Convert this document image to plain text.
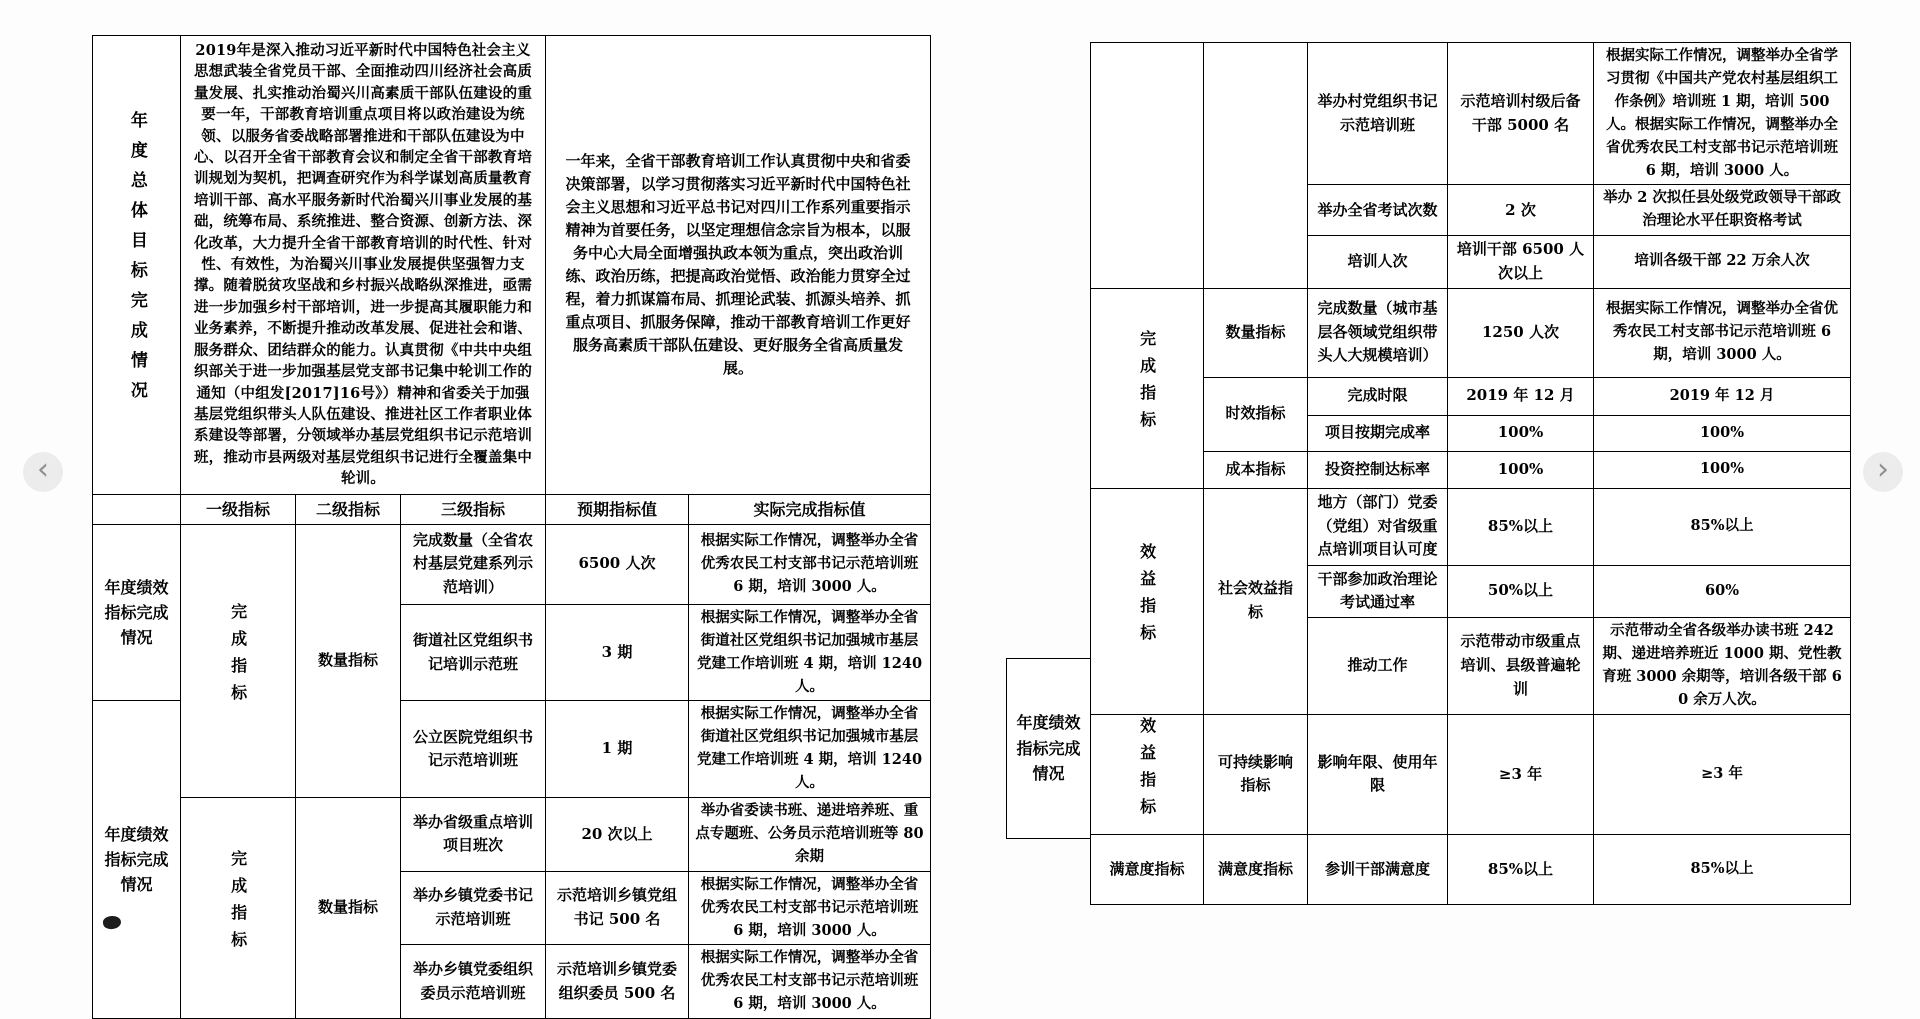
年度总体目标完成情况	2019年是深入推动习近平新时代中国特色社会主义思想武装全省党员干部、全面推动四川经济社会高质量发展、扎实推动治蜀兴川高素质干部队伍建设的重要一年，干部教育培训重点项目将以政治建设为统领、以服务省委战略部署推进和干部队伍建设为中心、以召开全省干部教育会议和制定全省干部教育培训规划为契机，把调查研究作为科学谋划高质量教育培训干部、高水平服务新时代治蜀兴川事业发展的基础，统筹布局、系统推进、整合资源、创新方法、深化改革，大力提升全省干部教育培训的时代性、针对性、有效性，为治蜀兴川事业发展提供坚强智力支撑。随着脱贫攻坚战和乡村振兴战略纵深推进，亟需进一步加强乡村干部培训，进一步提高其履职能力和业务素养，不断提升推动改革发展、促进社会和谐、服务群众、团结群众的能力。认真贯彻《中共中央组织部关于进一步加强基层党支部书记集中轮训工作的通知（中组发[2017]16号》）精神和省委关于加强基层党组织带头人队伍建设、推进社区工作者职业体系建设等部署，分领域举办基层党组织书记示范培训班，推动市县两级对基层党组织书记进行全覆盖集中轮训。	一年来，全省干部教育培训工作认真贯彻中央和省委决策部署，以学习贯彻落实习近平新时代中国特色社会主义思想和习近平总书记对四川工作系列重要指示精神为首要任务，以坚定理想信念宗旨为根本，以服务中心大局全面增强执政本领为重点，突出政治训练、政治历练，把提高政治觉悟、政治能力贯穿全过程，着力抓谋篇布局、抓理论武装、抓源头培养、抓重点项目、抓服务保障，推动干部教育培训工作更好服务高素质干部队伍建设、更好服务全省高质量发展。
	一级指标	二级指标	三级指标	预期指标值	实际完成指标值
年度绩效指标完成情况	完成指标	数量指标	完成数量（全省农村基层党建系列示范培训）	6500 人次	根据实际工作情况，调整举办全省优秀农民工村支部书记示范培训班 6 期，培训 3000 人。
			街道社区党组织书记培训示范班	3 期	根据实际工作情况，调整举办全省街道社区党组织书记加强城市基层党建工作培训班 4 期，培训 1240 人。
年度绩效指标完成情况			公立医院党组织书记示范培训班	1 期	根据实际工作情况，调整举办全省街道社区党组织书记加强城市基层党建工作培训班 4 期，培训 1240 人。
	完成指标	数量指标	举办省级重点培训项目班次	20 次以上	举办省委读书班、递进培养班、重点专题班、公务员示范培训班等 80 余期
			举办乡镇党委书记示范培训班	示范培训乡镇党组书记 500 名	根据实际工作情况，调整举办全省优秀农民工村支部书记示范培训班 6 期，培训 3000 人。
			举办乡镇党委组织委员示范培训班	示范培训乡镇党委组织委员 500 名	根据实际工作情况，调整举办全省优秀农民工村支部书记示范培训班 6 期，培训 3000 人。
年度绩效指标完成情况
		举办村党组织书记示范培训班	示范培训村级后备干部 5000 名	根据实际工作情况，调整举办全省学习贯彻《中国共产党农村基层组织工作条例》培训班 1 期，培训 500 人。根据实际工作情况，调整举办全省优秀农民工村支部书记示范培训班 6 期，培训 3000 人。
		举办全省考试次数	2 次	举办 2 次拟任县处级党政领导干部政治理论水平任职资格考试
		培训人次	培训干部 6500 人次以上	培训各级干部 22 万余人次
完成指标	数量指标	完成数量（城市基层各领域党组织带头人大规模培训）	1250 人次	根据实际工作情况，调整举办全省优秀农民工村支部书记示范培训班 6 期，培训 3000 人。
	时效指标	完成时限	2019 年 12 月	2019 年 12 月
		项目按期完成率	100%	100%
	成本指标	投资控制达标率	100%	100%
效益指标	社会效益指标	地方（部门）党委（党组）对省级重点培训项目认可度	85%以上	85%以上
		干部参加政治理论考试通过率	50%以上	60%
		推动工作	示范带动市级重点培训、县级普遍轮训	示范带动全省各级举办读书班 242 期、递进培养班近 1000 期、党性教育班 3000 余期等，培训各级干部 60 余万人次。
效益指标	可持续影响指标	影响年限、使用年限	≥3 年	≥3 年
满意度指标	满意度指标	参训干部满意度	85%以上	85%以上
‹	›
